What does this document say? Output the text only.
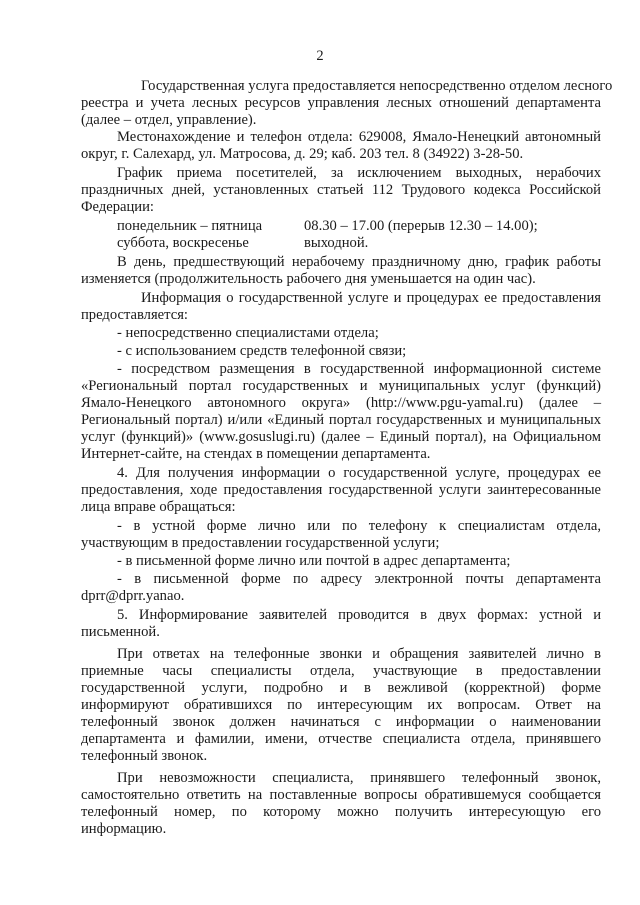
2

Государственная услуга предоставляется непосредственно отделом лесного

реестра и учета лесных ресурсов управления лесных отношений департамента

(далее – отдел, управление).

Местонахождение и телефон отдела: 629008, Ямало-Ненецкий автономный

округ, г. Салехард, ул. Матросова, д. 29; каб. 203 тел. 8 (34922) 3-28-50.

График приема посетителей, за исключением выходных, нерабочих

праздничных дней, установленных статьей 112 Трудового кодекса Российской

Федерации:

понедельник – пятница	08.30 – 17.00 (перерыв 12.30 – 14.00);

суббота, воскресенье	выходной.

В день, предшествующий нерабочему праздничному дню, график работы

изменяется (продолжительность рабочего дня уменьшается на один час).

Информация о государственной услуге и процедурах ее предоставления

предоставляется:

- непосредственно специалистами отдела;

- с использованием средств телефонной связи;

- посредством размещения в государственной информационной системе

«Региональный портал государственных и муниципальных услуг (функций)

Ямало-Ненецкого автономного округа» (http://www.pgu-yamal.ru) (далее –

Региональный портал) и/или «Единый портал государственных и муниципальных

услуг (функций)» (www.gosuslugi.ru) (далее – Единый портал), на Официальном

Интернет-сайте, на стендах в помещении департамента.

4. Для получения информации о государственной услуге, процедурах ее

предоставления, ходе предоставления государственной услуги заинтересованные

лица вправе обращаться:

- в устной форме лично или по телефону к специалистам отдела,

участвующим в предоставлении государственной услуги;

- в письменной форме лично или почтой в адрес департамента;

- в письменной форме по адресу электронной почты департамента

dprr@dprr.yanao.

5. Информирование заявителей проводится в двух формах: устной и

письменной.

При ответах на телефонные звонки и обращения заявителей лично в

приемные часы специалисты отдела, участвующие в предоставлении

государственной услуги, подробно и в вежливой (корректной) форме

информируют обратившихся по интересующим их вопросам. Ответ на

телефонный звонок должен начинаться с информации о наименовании

департамента и фамилии, имени, отчестве специалиста отдела, принявшего

телефонный звонок.

При невозможности специалиста, принявшего телефонный звонок,

самостоятельно ответить на поставленные вопросы обратившемуся сообщается

телефонный номер, по которому можно получить интересующую его

информацию.
